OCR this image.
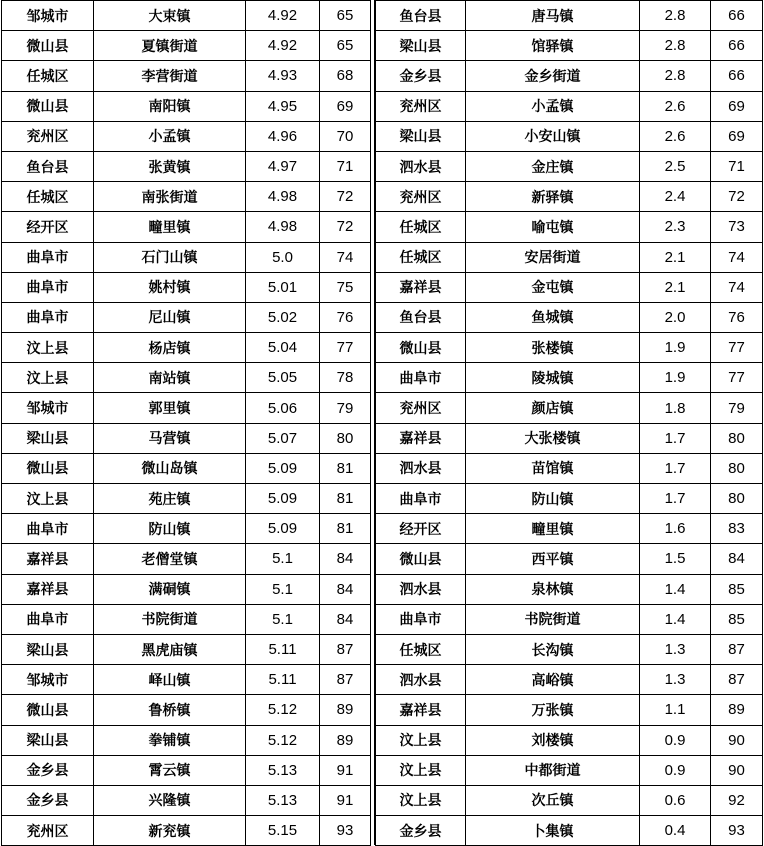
邹城市	大束镇	4.92	65
微山县	夏镇街道	4.92	65
任城区	李营街道	4.93	68
微山县	南阳镇	4.95	69
兖州区	小孟镇	4.96	70
鱼台县	张黄镇	4.97	71
任城区	南张街道	4.98	72
经开区	疃里镇	4.98	72
曲阜市	石门山镇	5.0	74
曲阜市	姚村镇	5.01	75
曲阜市	尼山镇	5.02	76
汶上县	杨店镇	5.04	77
汶上县	南站镇	5.05	78
邹城市	郭里镇	5.06	79
梁山县	马营镇	5.07	80
微山县	微山岛镇	5.09	81
汶上县	苑庄镇	5.09	81
曲阜市	防山镇	5.09	81
嘉祥县	老僧堂镇	5.1	84
嘉祥县	满硐镇	5.1	84
曲阜市	书院街道	5.1	84
梁山县	黑虎庙镇	5.11	87
邹城市	峄山镇	5.11	87
微山县	鲁桥镇	5.12	89
梁山县	拳铺镇	5.12	89
金乡县	霄云镇	5.13	91
金乡县	兴隆镇	5.13	91
兖州区	新兖镇	5.15	93
鱼台县	唐马镇	2.8	66
梁山县	馆驿镇	2.8	66
金乡县	金乡街道	2.8	66
兖州区	小孟镇	2.6	69
梁山县	小安山镇	2.6	69
泗水县	金庄镇	2.5	71
兖州区	新驿镇	2.4	72
任城区	喻屯镇	2.3	73
任城区	安居街道	2.1	74
嘉祥县	金屯镇	2.1	74
鱼台县	鱼城镇	2.0	76
微山县	张楼镇	1.9	77
曲阜市	陵城镇	1.9	77
兖州区	颜店镇	1.8	79
嘉祥县	大张楼镇	1.7	80
泗水县	苗馆镇	1.7	80
曲阜市	防山镇	1.7	80
经开区	疃里镇	1.6	83
微山县	西平镇	1.5	84
泗水县	泉林镇	1.4	85
曲阜市	书院街道	1.4	85
任城区	长沟镇	1.3	87
泗水县	高峪镇	1.3	87
嘉祥县	万张镇	1.1	89
汶上县	刘楼镇	0.9	90
汶上县	中都街道	0.9	90
汶上县	次丘镇	0.6	92
金乡县	卜集镇	0.4	93
